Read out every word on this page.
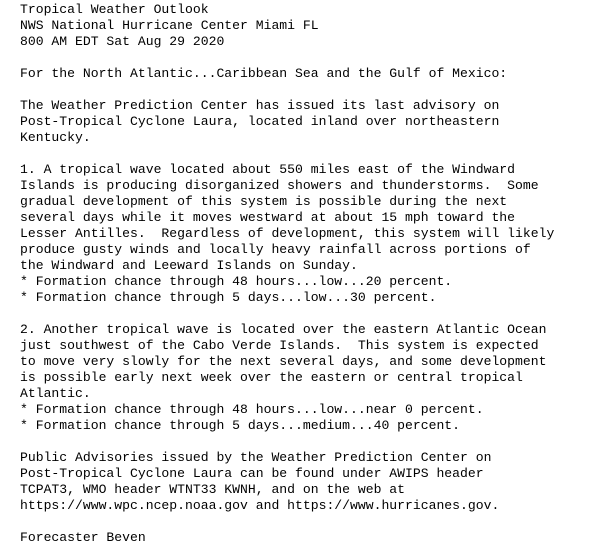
Tropical Weather Outlook
NWS National Hurricane Center Miami FL
800 AM EDT Sat Aug 29 2020
For the North Atlantic...Caribbean Sea and the Gulf of Mexico:
The Weather Prediction Center has issued its last advisory on
Post-Tropical Cyclone Laura, located inland over northeastern
Kentucky.
1. A tropical wave located about 550 miles east of the Windward
Islands is producing disorganized showers and thunderstorms.  Some
gradual development of this system is possible during the next
several days while it moves westward at about 15 mph toward the
Lesser Antilles.  Regardless of development, this system will likely
produce gusty winds and locally heavy rainfall across portions of
the Windward and Leeward Islands on Sunday.
* Formation chance through 48 hours...low...20 percent.
* Formation chance through 5 days...low...30 percent.
2. Another tropical wave is located over the eastern Atlantic Ocean
just southwest of the Cabo Verde Islands.  This system is expected
to move very slowly for the next several days, and some development
is possible early next week over the eastern or central tropical
Atlantic.
* Formation chance through 48 hours...low...near 0 percent.
* Formation chance through 5 days...medium...40 percent.
Public Advisories issued by the Weather Prediction Center on
Post-Tropical Cyclone Laura can be found under AWIPS header
TCPAT3, WMO header WTNT33 KWNH, and on the web at
https://www.wpc.ncep.noaa.gov and https://www.hurricanes.gov.
Forecaster Beven
